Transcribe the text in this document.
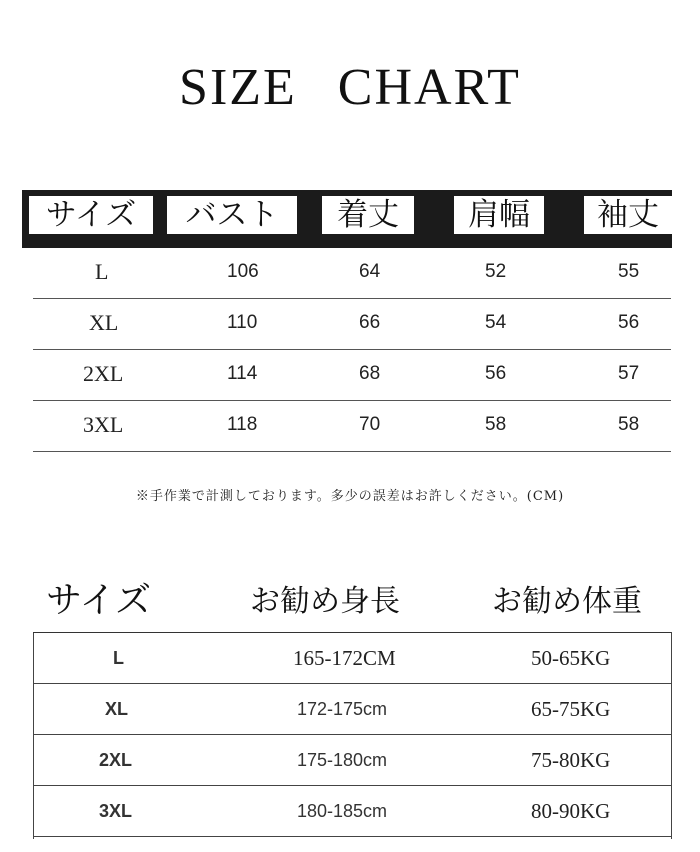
SIZE CHART
サイズ	バスト	着丈	肩幅	袖丈
L	106	64	52	55
XL	110	66	54	56
2XL	114	68	56	57
3XL	118	70	58	58
※手作業で計測しております。多少の誤差はお許しください。(CM)
サイズ	お勧め身長	お勧め体重
L	165-172CM	50-65KG
XL	172-175cm	65-75KG
2XL	175-180cm	75-80KG
3XL	180-185cm	80-90KG
